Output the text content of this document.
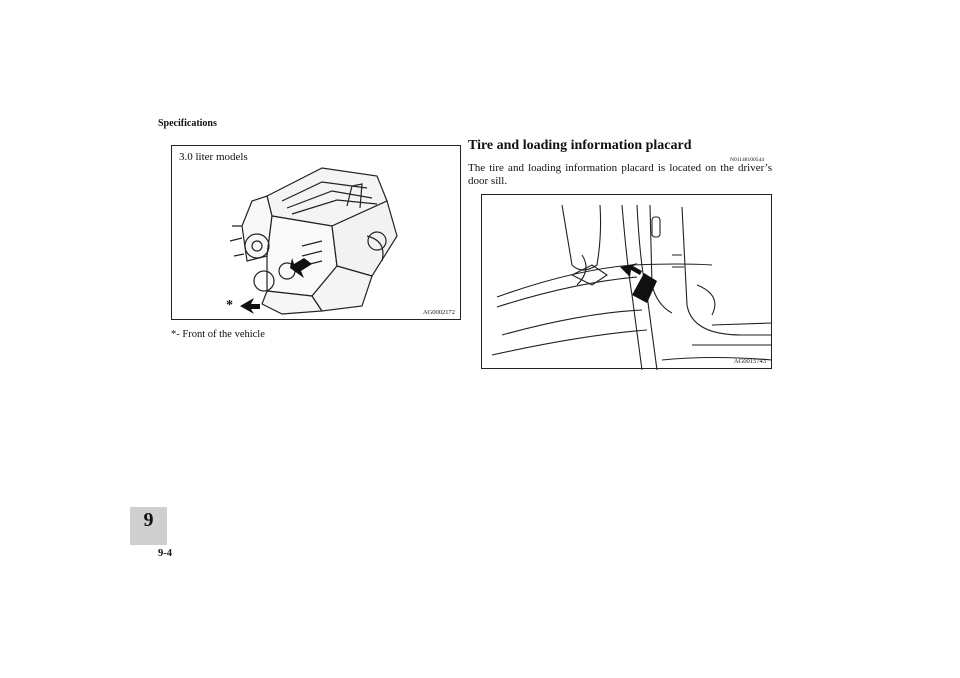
Specifications
3.0 liter models
*	AG0002172
*- Front of the vehicle
Tire and loading information placard
N01148100544
The tire and loading information placard is located on the driver’s door sill.
AG0015743
9
9-4
